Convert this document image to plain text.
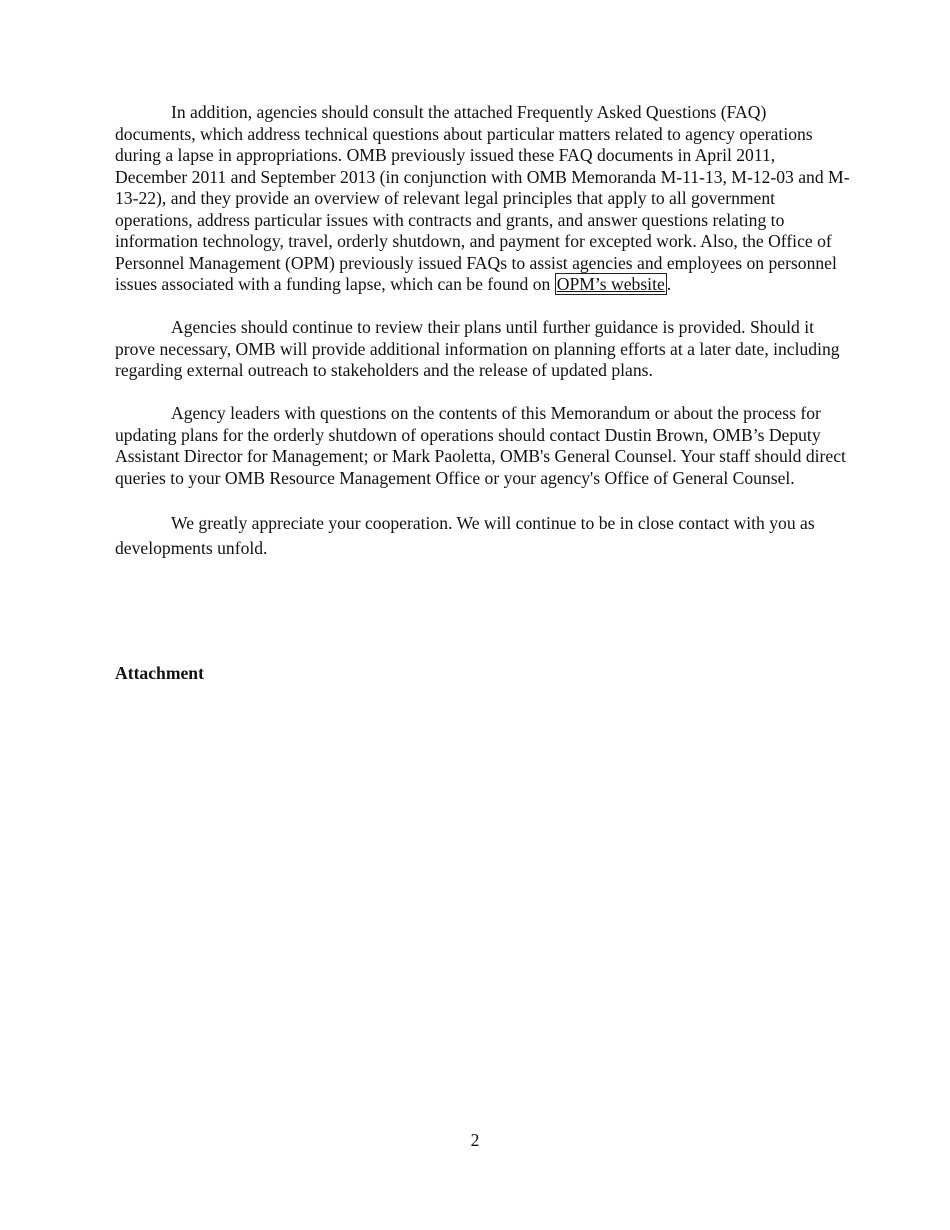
In addition, agencies should consult the attached Frequently Asked Questions (FAQ) documents, which address technical questions about particular matters related to agency operations during a lapse in appropriations. OMB previously issued these FAQ documents in April 2011, December 2011 and September 2013 (in conjunction with OMB Memoranda M-11-13, M-12-03 and M-13-22), and they provide an overview of relevant legal principles that apply to all government operations, address particular issues with contracts and grants, and answer questions relating to information technology, travel, orderly shutdown, and payment for excepted work. Also, the Office of Personnel Management (OPM) previously issued FAQs to assist agencies and employees on personnel issues associated with a funding lapse, which can be found on OPM’s website .

Agencies should continue to review their plans until further guidance is provided. Should it prove necessary, OMB will provide additional information on planning efforts at a later date, including regarding external outreach to stakeholders and the release of updated plans.

Agency leaders with questions on the contents of this Memorandum or about the process for updating plans for the orderly shutdown of operations should contact Dustin Brown, OMB’s Deputy Assistant Director for Management; or Mark Paoletta, OMB's General Counsel. Your staff should direct queries to your OMB Resource Management Office or your agency's Office of General Counsel.

We greatly appreciate your cooperation. We will continue to be in close contact with you as developments unfold.

Attachment

2
